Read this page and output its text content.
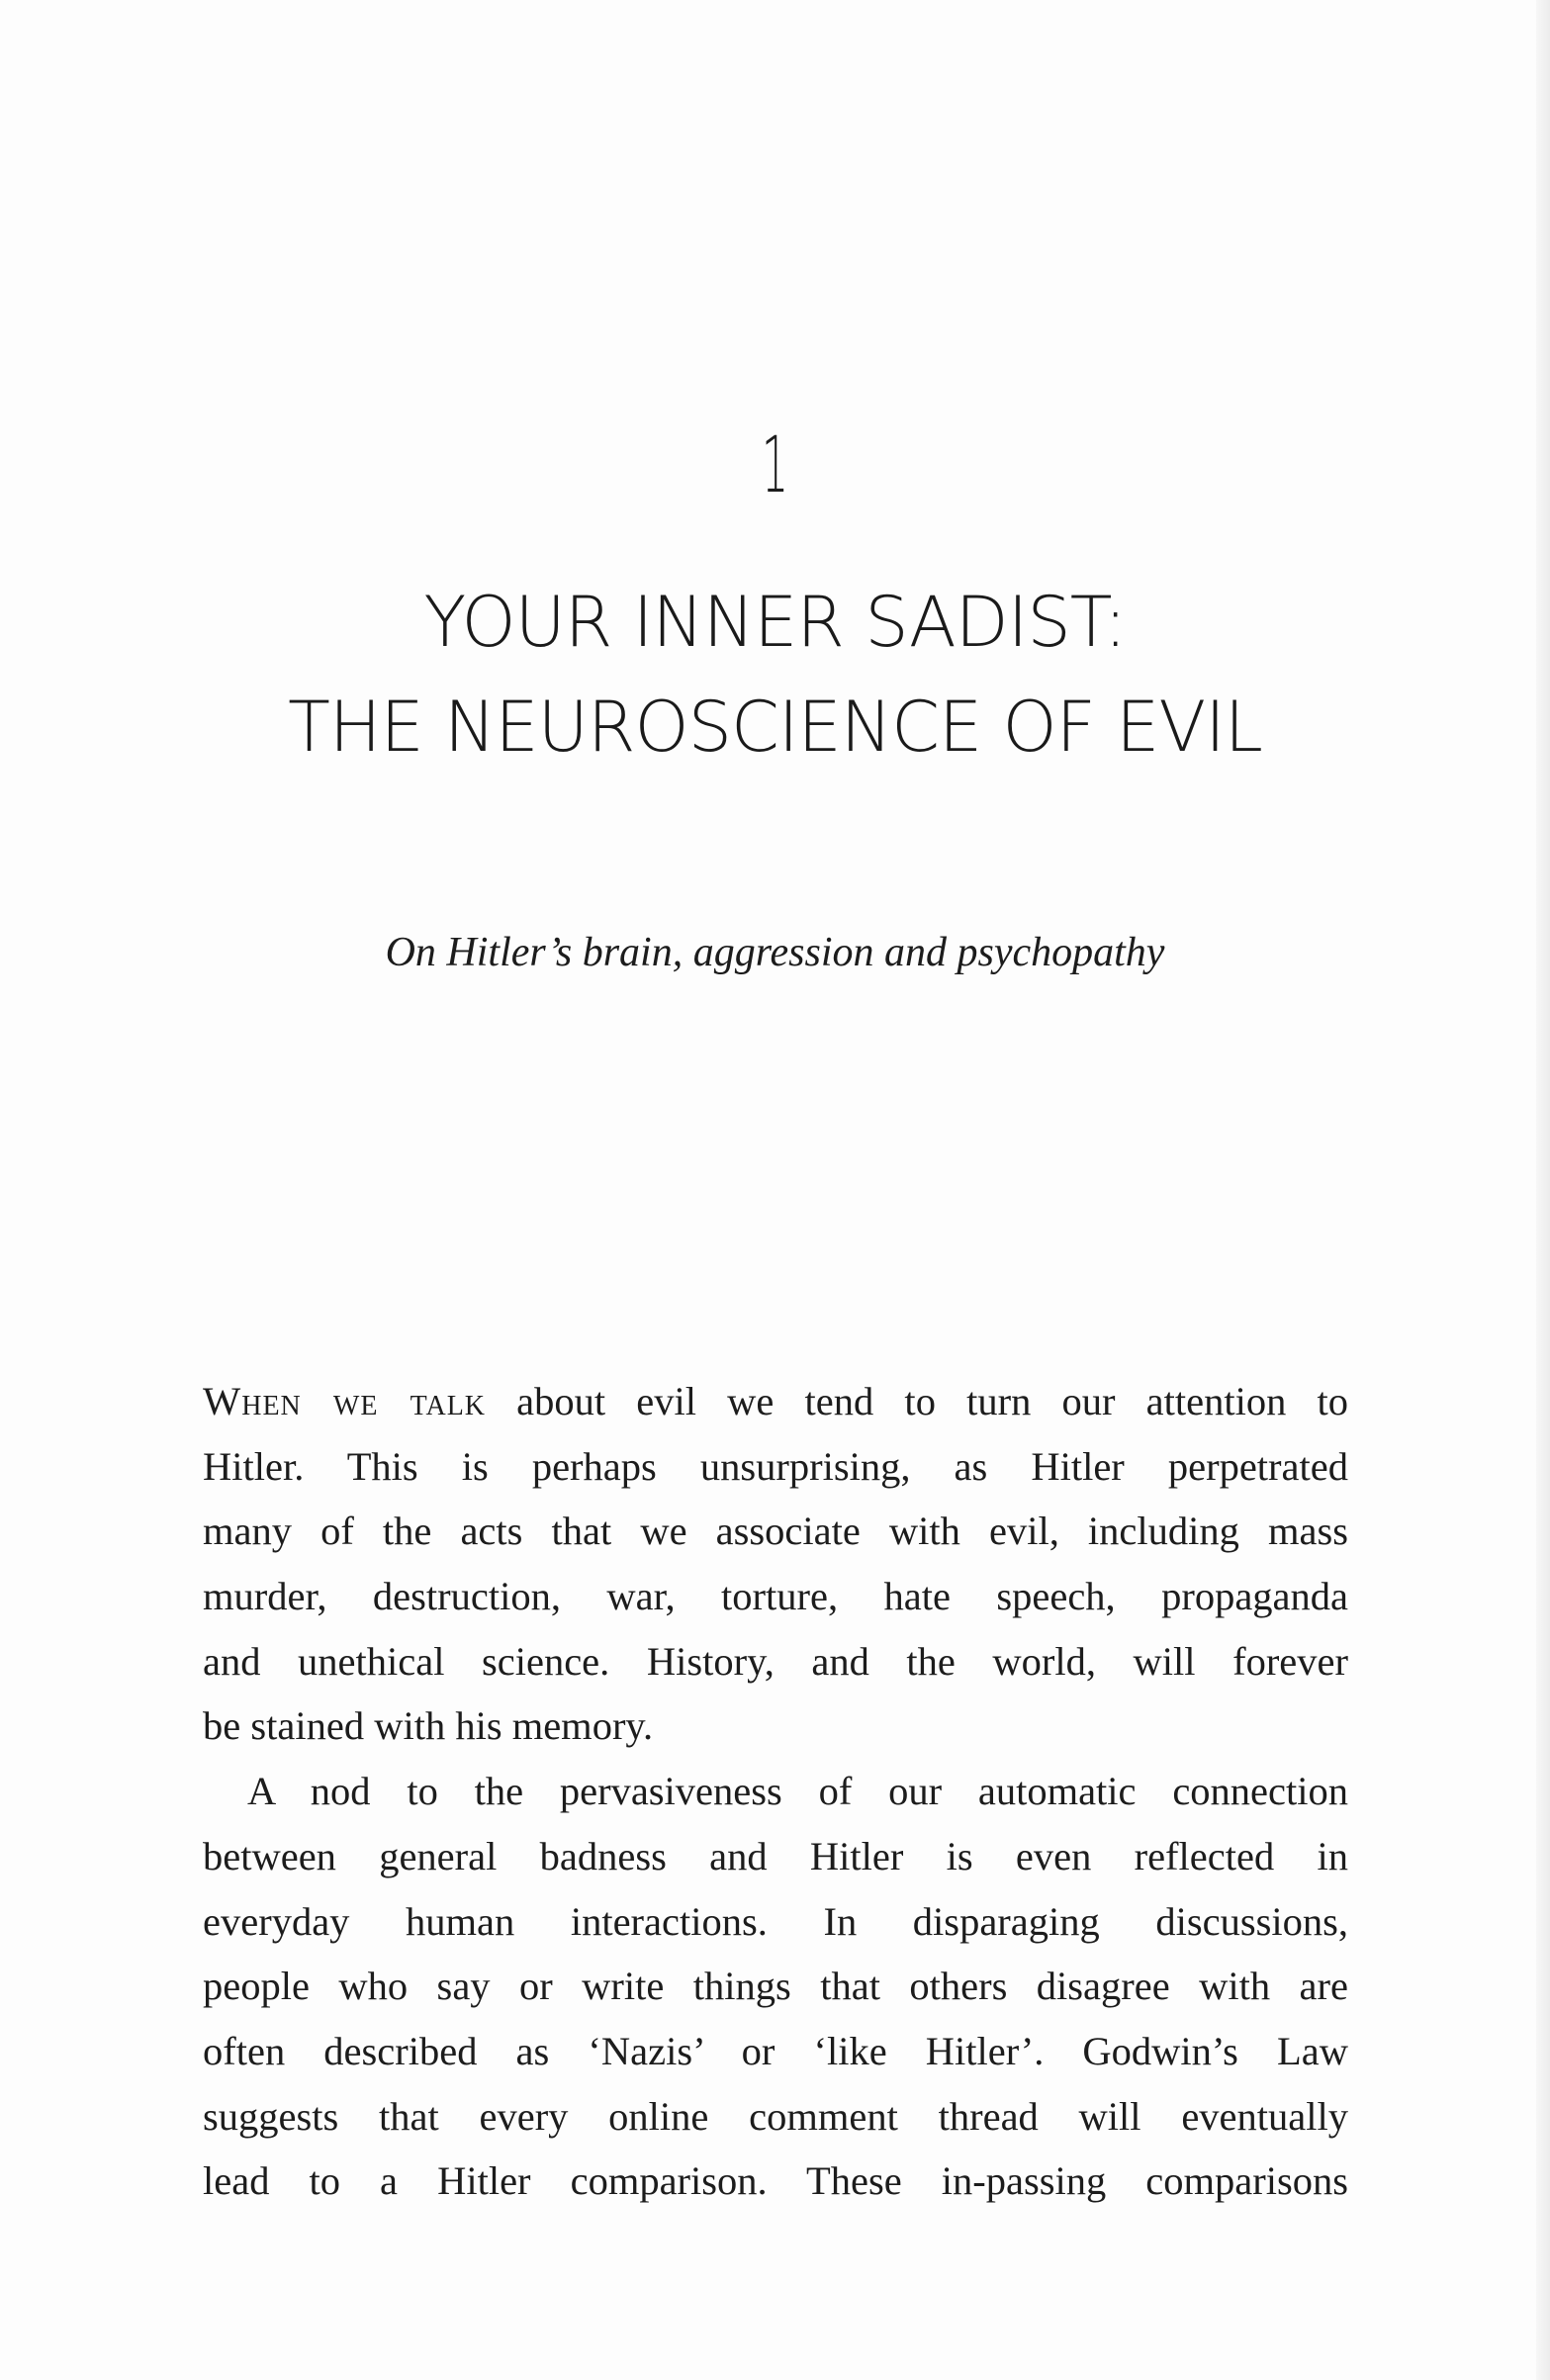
1
YOUR INNER SADIST:
THE NEUROSCIENCE OF EVIL
On Hitler’s brain, aggression and psychopathy

When we talk about evil we tend to turn our attention to
Hitler. This is perhaps unsurprising, as Hitler perpetrated
many of the acts that we associate with evil, including mass
murder, destruction, war, torture, hate speech, propaganda
and unethical science. History, and the world, will forever
be stained with his memory.

A nod to the pervasiveness of our automatic connection
between general badness and Hitler is even reflected in
everyday human interactions. In disparaging discussions,
people who say or write things that others disagree with are
often described as ‘Nazis’ or ‘like Hitler’. Godwin’s Law
suggests that every online comment thread will eventually
lead to a Hitler comparison. These in-passing comparisons
